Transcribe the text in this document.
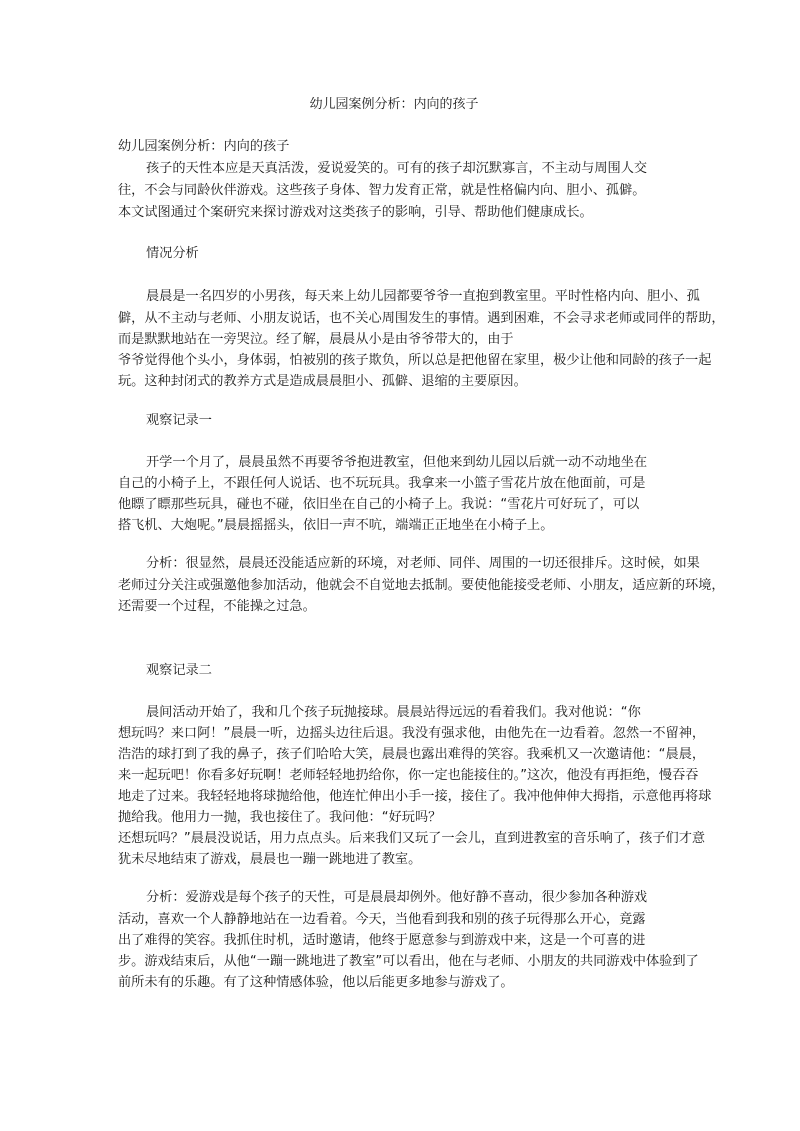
幼儿园案例分析：内向的孩子
幼儿园案例分析：内向的孩子
孩子的天性本应是天真活泼，爱说爱笑的。可有的孩子却沉默寡言，不主动与周围人交
往，不会与同龄伙伴游戏。这些孩子身体、智力发育正常，就是性格偏内向、胆小、孤僻。
本文试图通过个案研究来探讨游戏对这类孩子的影响，引导、帮助他们健康成长。
情况分析
晨晨是一名四岁的小男孩，每天来上幼儿园都要爷爷一直抱到教室里。平时性格内向、胆小、孤
僻，从不主动与老师、小朋友说话，也不关心周围发生的事情。遇到困难，不会寻求老师或同伴的帮助，
而是默默地站在一旁哭泣。经了解，晨晨从小是由爷爷带大的，由于
爷爷觉得他个头小，身体弱，怕被别的孩子欺负，所以总是把他留在家里，极少让他和同龄的孩子一起
玩。这种封闭式的教养方式是造成晨晨胆小、孤僻、退缩的主要原因。
观察记录一
开学一个月了，晨晨虽然不再要爷爷抱进教室，但他来到幼儿园以后就一动不动地坐在
自己的小椅子上，不跟任何人说话、也不玩玩具。我拿来一小篮子雪花片放在他面前，可是
他瞟了瞟那些玩具，碰也不碰，依旧坐在自己的小椅子上。我说：“雪花片可好玩了，可以
搭飞机、大炮呢。”晨晨摇摇头，依旧一声不吭，端端正正地坐在小椅子上。
分析：很显然，晨晨还没能适应新的环境，对老师、同伴、周围的一切还很排斥。这时候，如果
老师过分关注或强邀他参加活动，他就会不自觉地去抵制。要使他能接受老师、小朋友，适应新的环境，
还需要一个过程，不能操之过急。
观察记录二
晨间活动开始了，我和几个孩子玩抛接球。晨晨站得远远的看着我们。我对他说：“你
想玩吗？来口阿！”晨晨一听，边摇头边往后退。我没有强求他，由他先在一边看着。忽然一不留神，
浩浩的球打到了我的鼻子，孩子们哈哈大笑，晨晨也露出难得的笑容。我乘机又一次邀请他：“晨晨，
来一起玩吧！你看多好玩啊！老师轻轻地扔给你，你一定也能接住的。”这次，他没有再拒绝，慢吞吞
地走了过来。我轻轻地将球抛给他，他连忙伸出小手一接，接住了。我冲他伸伸大拇指，示意他再将球
抛给我。他用力一抛，我也接住了。我问他：“好玩吗？
还想玩吗？”晨晨没说话，用力点点头。后来我们又玩了一会儿，直到进教室的音乐响了，孩子们才意
犹未尽地结束了游戏，晨晨也一蹦一跳地进了教室。
分析：爱游戏是每个孩子的天性，可是晨晨却例外。他好静不喜动，很少参加各种游戏
活动，喜欢一个人静静地站在一边看着。今天，当他看到我和别的孩子玩得那么开心，竟露
出了难得的笑容。我抓住时机，适时邀请，他终于愿意参与到游戏中来，这是一个可喜的进
步。游戏结束后，从他“一蹦一跳地进了教室”可以看出，他在与老师、小朋友的共同游戏中体验到了
前所未有的乐趣。有了这种情感体验，他以后能更多地参与游戏了。
